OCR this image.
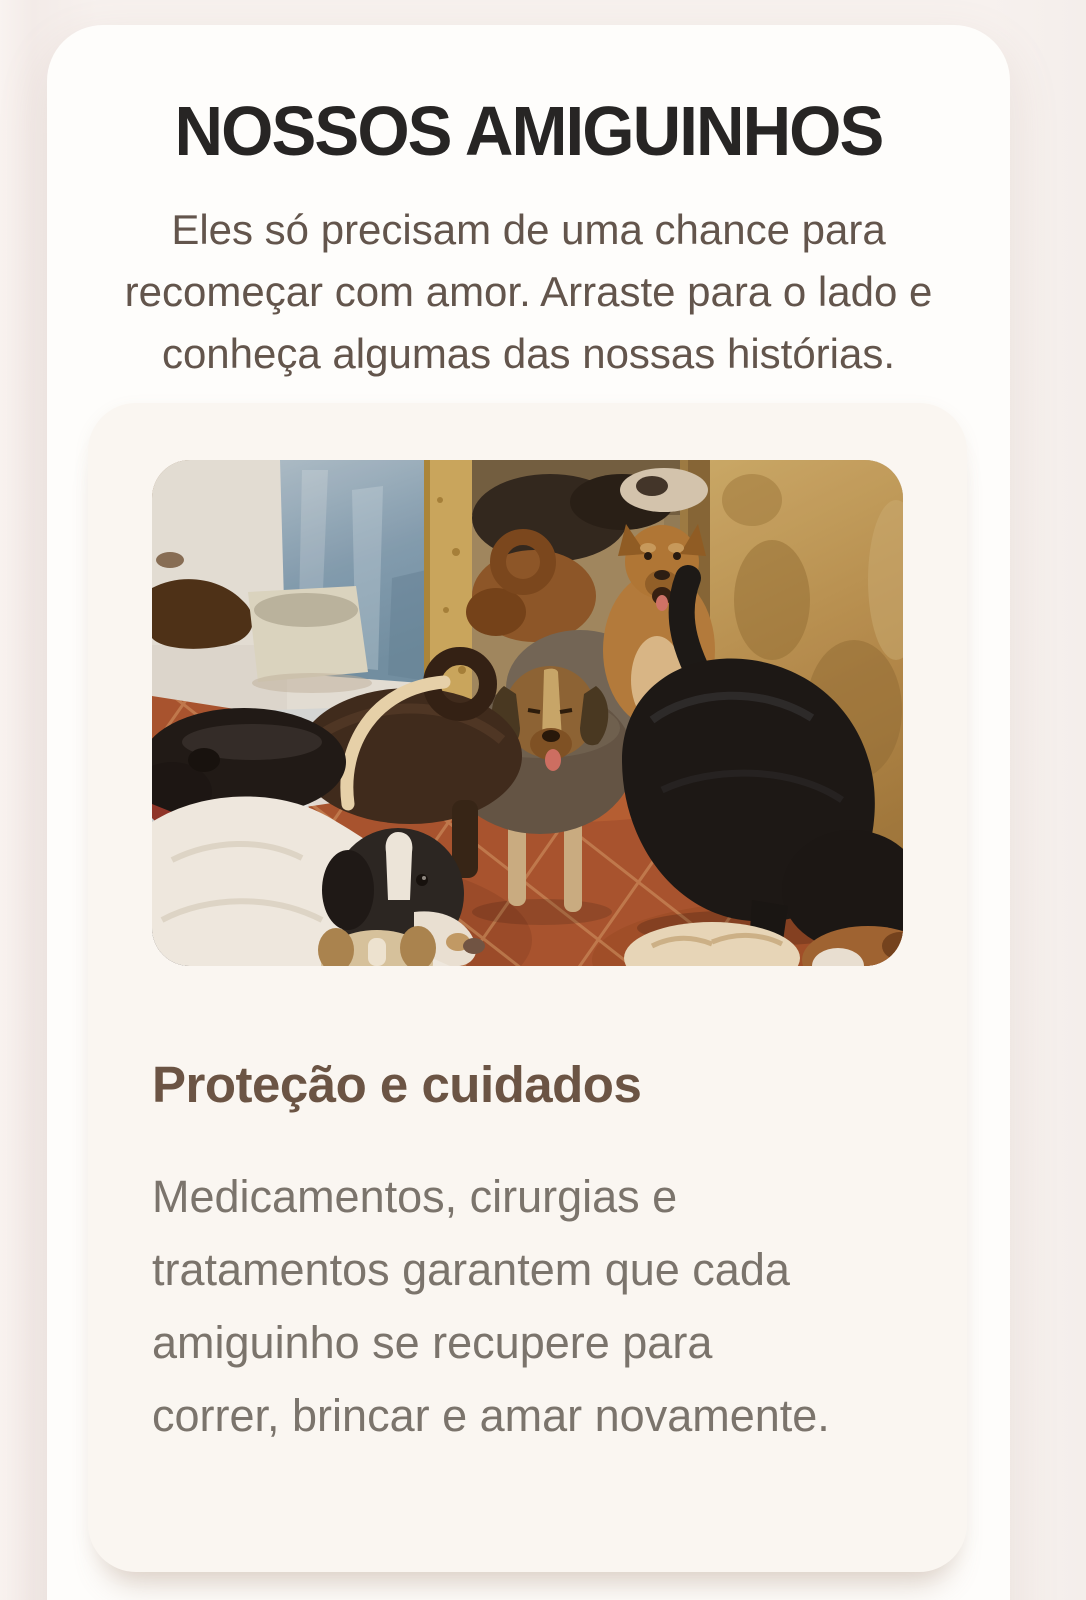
NOSSOS AMIGUINHOS

Eles só precisam de uma chance para recomeçar com amor. Arraste para o lado e conheça algumas das nossas histórias.

Proteção e cuidados

Medicamentos, cirurgias e tratamentos garantem que cada amiguinho se recupere para correr, brincar e amar novamente.
